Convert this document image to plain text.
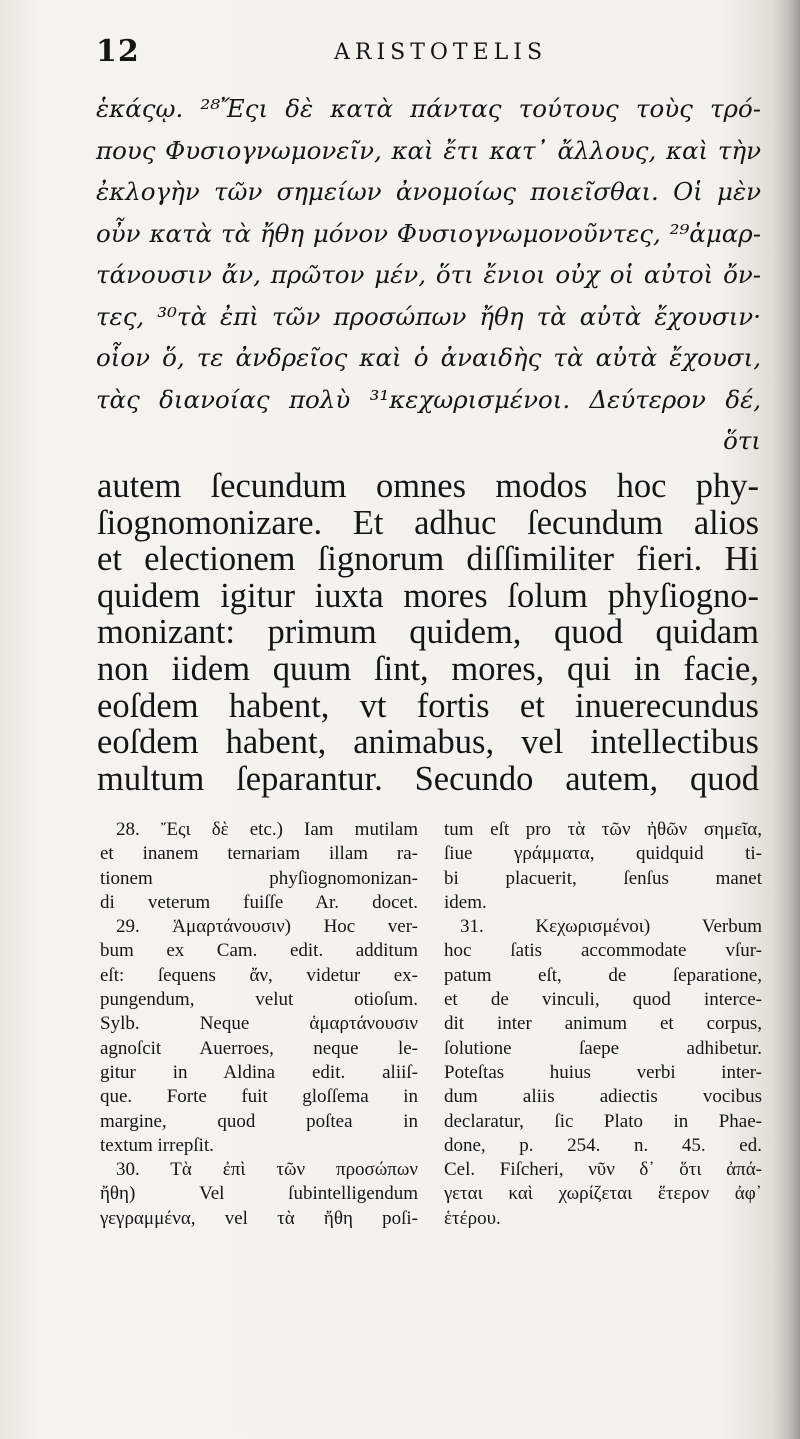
12	ARISTOTELIS
ἑκάςῳ. ²⁸Ἔςι δὲ κατὰ πάντας τούτους τοὺς τρό-
πους Φυσιογνωμονεῖν, καὶ ἔτι κατ᾽ ἄλλους, καὶ τὴν
ἐκλογὴν τῶν σημείων ἀνομοίως ποιεῖσθαι. Οἱ μὲν
οὖν κατὰ τὰ ἤθη μόνον Φυσιογνωμονοῦντες, ²⁹ἁμαρ-
τάνουσιν ἄν, πρῶτον μέν, ὅτι ἔνιοι οὐχ οἱ αὐτοὶ ὄν-
τες, ³⁰τὰ ἐπὶ τῶν προσώπων ἤθη τὰ αὐτὰ ἔχουσιν·
οἷον ὅ, τε ἀνδρεῖος καὶ ὁ ἀναιδὴς τὰ αὐτὰ ἔχουσι,
τὰς διανοίας πολὺ ³¹κεχωρισμένοι. Δεύτερον δέ,
ὅτι
autem ſecundum omnes modos hoc phy-
ſiognomonizare. Et adhuc ſecundum alios
et electionem ſignorum diſſimiliter fieri. Hi
quidem igitur iuxta mores ſolum phyſiogno-
monizant: primum quidem, quod quidam
non iidem quum ſint, mores, qui in facie,
eoſdem habent, vt fortis et inuerecundus
eoſdem habent, animabus, vel intellectibus
multum ſeparantur. Secundo autem, quod
28. Ἔςι δὲ etc.) Iam mutilam
et inanem ternariam illam ra-
tionem phyſiognomonizan-
di veterum fuiſſe Ar. docet.
29. Ἁμαρτάνουσιν) Hoc ver-
bum ex Cam. edit. additum
eſt: ſequens ἄν, videtur ex-
pungendum, velut otioſum.
Sylb. Neque ἁμαρτάνουσιν
agnoſcit Auerroes, neque le-
gitur in Aldina edit. aliiſ-
que. Forte fuit gloſſema in
margine, quod poſtea in
textum irrepſit.
30. Τὰ ἐπὶ τῶν προσώπων
ἤθη) Vel ſubintelligendum
γεγραμμένα, vel τὰ ἤθη poſi-
tum eſt pro τὰ τῶν ἠθῶν σημεῖα,
ſiue γράμματα, quidquid ti-
bi placuerit, ſenſus manet
idem.
31. Κεχωρισμένοι) Verbum
hoc ſatis accommodate vſur-
patum eſt, de ſeparatione,
et de vinculi, quod interce-
dit inter animum et corpus,
ſolutione ſaepe adhibetur.
Poteſtas huius verbi inter-
dum aliis adiectis vocibus
declaratur, ſic Plato in Phae-
done, p. 254. n. 45. ed.
Cel. Fiſcheri, νῦν δ᾽ ὅτι ἀπά-
γεται καὶ χωρίζεται ἕτερον ἀφ᾽
ἑτέρου.
